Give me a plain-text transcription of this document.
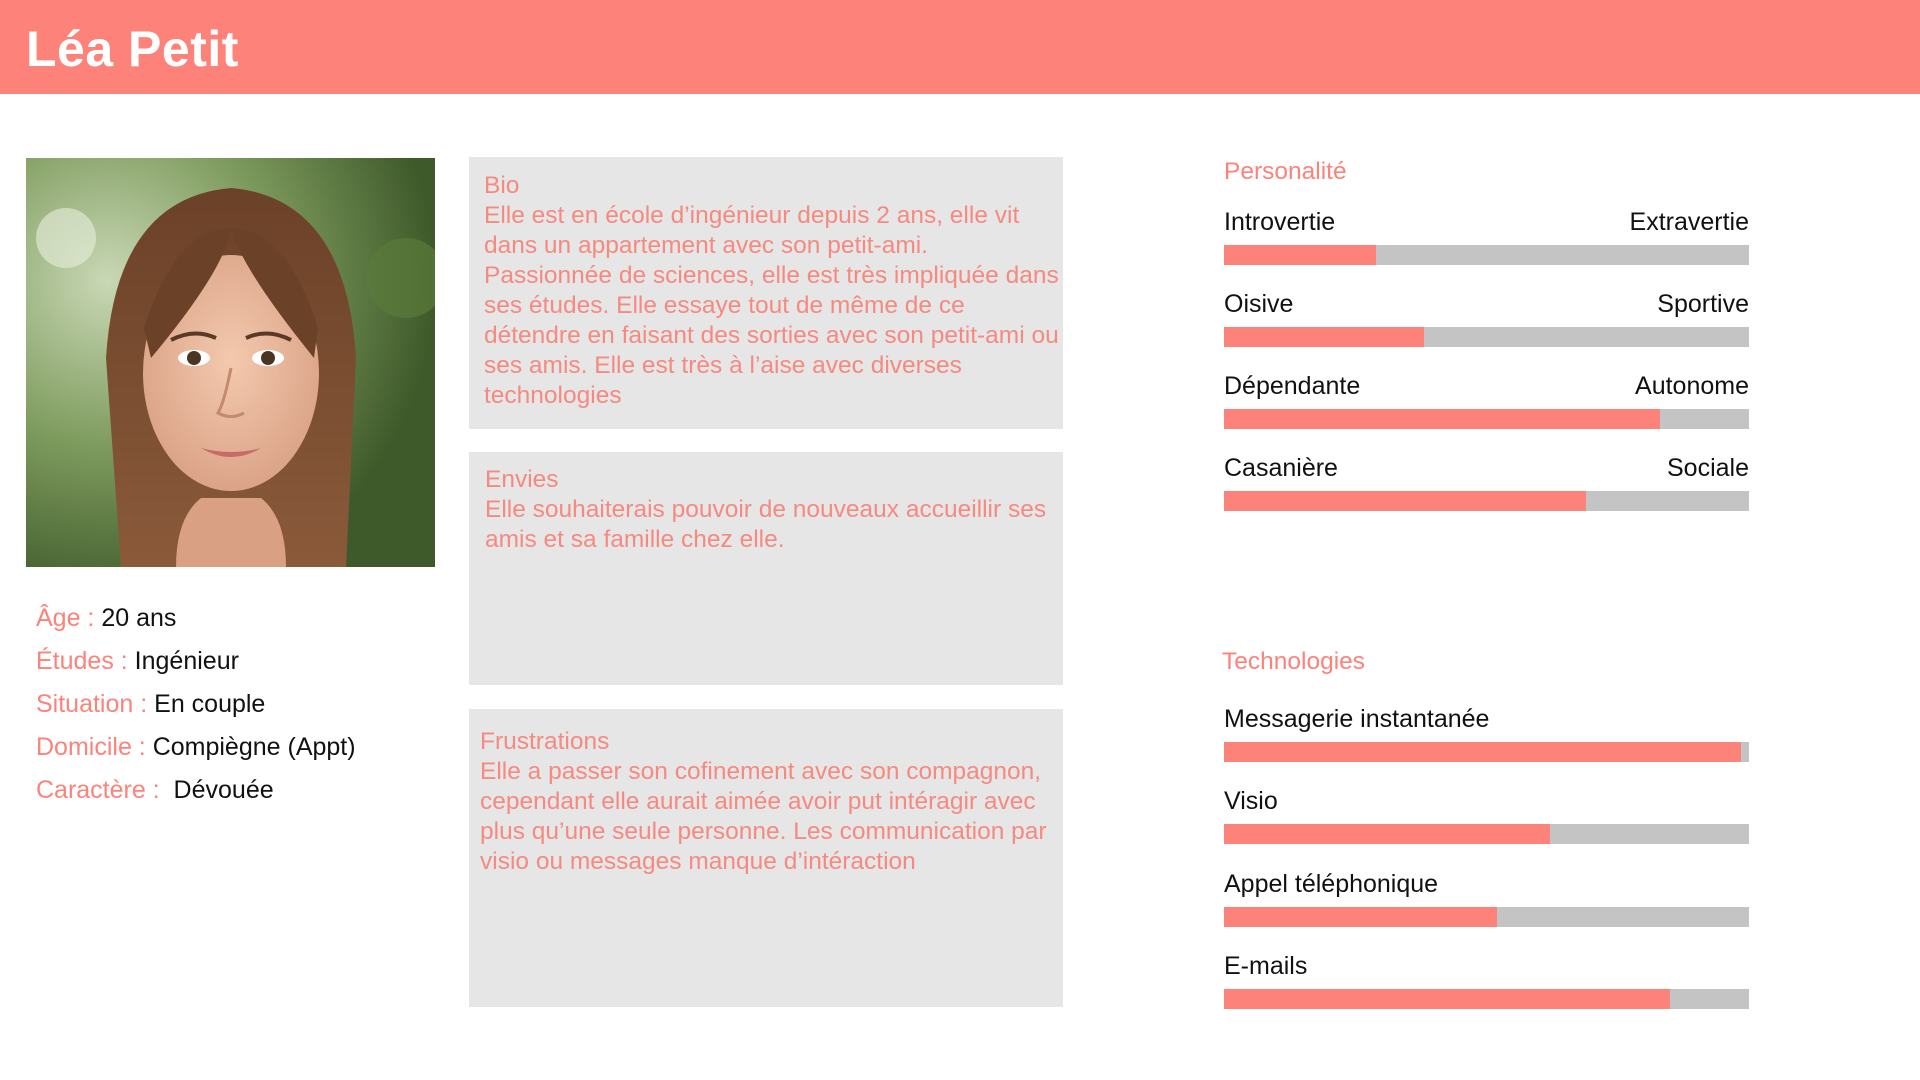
Léa Petit
Âge : 20 ans
Études : Ingénieur
Situation : En couple
Domicile : Compiègne (Appt)
Caractère :  Dévouée
Bio

Elle est en école d’ingénieur depuis 2 ans, elle vit dans un appartement avec son petit-ami. Passionnée de sciences, elle est très impliquée dans ses études. Elle essaye tout de même de ce détendre en faisant des sorties avec son petit-ami ou ses amis. Elle est très à l’aise avec diverses technologies

Envies

Elle souhaiterais pouvoir de nouveaux accueillir ses amis et sa famille chez elle.

Frustrations

Elle a passer son cofinement avec son compagnon, cependant elle aurait aimée avoir put intéragir avec plus qu’une seule personne. Les communication par visio ou messages manque d’intéraction

Personalité
Introvertie	Extravertie
Oisive	Sportive
Dépendante	Autonome
Casanière	Sociale
Technologies
Messagerie instantanée
Visio
Appel téléphonique
E-mails
